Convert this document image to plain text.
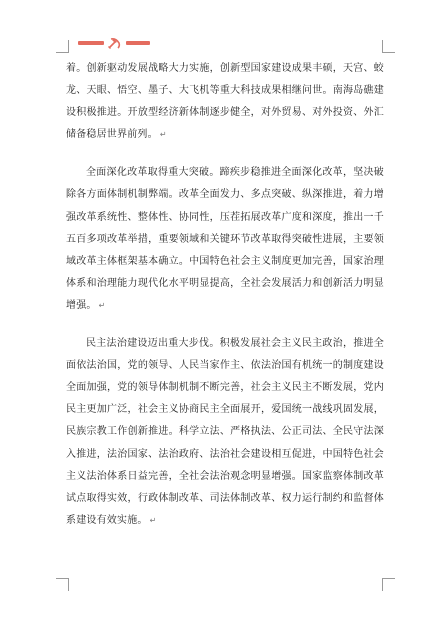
着。创新驱动发展战略大力实施，创新型国家建设成果丰硕，天宫、蛟龙、天眼、悟空、墨子、大飞机等重大科技成果相继问世。南海岛礁建设积极推进。开放型经济新体制逐步健全，对外贸易、对外投资、外汇储备稳居世界前列。 ↵

全面深化改革取得重大突破。蹄疾步稳推进全面深化改革，坚决破除各方面体制机制弊端。改革全面发力、多点突破、纵深推进，着力增强改革系统性、整体性、协同性，压茬拓展改革广度和深度，推出一千五百多项改革举措，重要领域和关键环节改革取得突破性进展，主要领域改革主体框架基本确立。中国特色社会主义制度更加完善，国家治理体系和治理能力现代化水平明显提高，全社会发展活力和创新活力明显增强。 ↵

民主法治建设迈出重大步伐。积极发展社会主义民主政治，推进全面依法治国，党的领导、人民当家作主、依法治国有机统一的制度建设全面加强，党的领导体制机制不断完善，社会主义民主不断发展，党内民主更加广泛，社会主义协商民主全面展开，爱国统一战线巩固发展，民族宗教工作创新推进。科学立法、严格执法、公正司法、全民守法深入推进，法治国家、法治政府、法治社会建设相互促进，中国特色社会主义法治体系日益完善，全社会法治观念明显增强。国家监察体制改革试点取得实效，行政体制改革、司法体制改革、权力运行制约和监督体系建设有效实施。 ↵
